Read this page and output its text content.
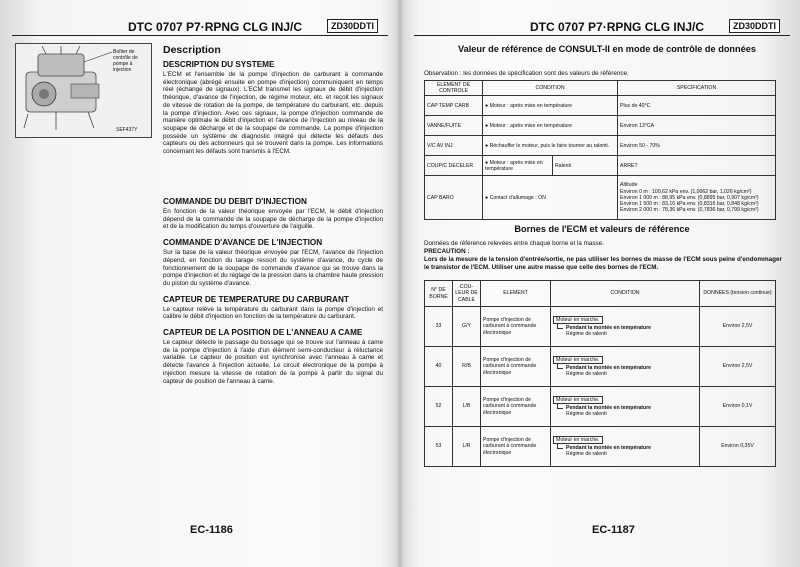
DTC 0707 P7·RPNG CLG INJ/C	ZD30DDTI
Boîtier de contrôle de pompe à injection
SEF437Y
Description
DESCRIPTION DU SYSTEME
L'ECM et l'ensemble de la pompe d'injection de carburant à commande électronique (abrégé ensuite en pompe d'injection) communiquent en temps réel (échange de signaux). L'ECM transmet les signaux de débit d'injection théorique, d'avance de l'injection, de régime moteur, etc. et reçoit les signaux de vitesse de rotation de la pompe, de température du carburant, etc. depuis la pompe d'injection. Avec ces signaux, la pompe d'injection commande de manière optimale le débit d'injection et l'avance de l'injection au niveau de la soupape de décharge et de la soupape de commande. La pompe d'injection possède un système de diagnostic intégré qui détecte les défauts des capteurs ou des actionneurs qui se trouvent dans la pompe. Les informations concernant les défauts sont transmis à l'ECM.
COMMANDE DU DEBIT D'INJECTION
En fonction de la valeur théorique envoyée par l'ECM, le débit d'injection dépend de la commande de la soupape de décharge de la pompe d'injection et de la modification du temps d'ouverture de l'aiguille.
COMMANDE D'AVANCE DE L'INJECTION
Sur la base de la valeur théorique envoyée par l'ECM, l'avance de l'injection dépend, en fonction du tarage ressort du système d'avance, du cycle de fonctionnement de la soupape de commande d'avance qui se trouve dans la pompe d'injection et du réglage de la pression dans la chambre haute pression du piston du système d'avance.
CAPTEUR DE TEMPERATURE DU CARBURANT
Le capteur relève la température du carburant dans la pompe d'injection et calibre le débit d'injection en fonction de la température du carburant.
CAPTEUR DE LA POSITION DE L'ANNEAU A CAME
Le capteur détecte le passage du bossage qui se trouve sur l'anneau à came de la pompe d'injection à l'aide d'un élément semi-conducteur à réluctance variable. Le capteur de position est synchronisé avec l'anneau à came et détecte l'avance à l'injection actuelle. Le circuit électronique de la pompe à injection mesure la vitesse de rotation de la pompe à partir du signal du capteur de position de l'anneau à came.
EC-1186
DTC 0707 P7·RPNG CLG INJ/C	ZD30DDTI
EC-1187
Valeur de référence de CONSULT-II en mode de contrôle de données
Observation : les données de spécification sont des valeurs de référence.
ELEMENT DE CONTROLE	CONDITION		SPECIFICATION
CAP TEMP CARB	● Moteur : après mise en température		Plus de 40°C
VANNE/FUITE	● Moteur : après mise en température		Environ 13°CA
V/C AV INJ	● Réchauffer le moteur, puis le faire tourner au ralenti.		Environ 50 - 70%
COUP/C DECELER	● Moteur : après mise en température	Ralenti	ARRET
CAP BARO	● Contact d'allumage : ON		Altitude
Environ 0 m : 100,62 kPa env. (1,0062 bar, 1,026 kg/cm²)
Environ 1 000 m : 88,95 kPa env. (0,8895 bar, 0,907 kg/cm²)
Environ 1 500 m : 83,16 kPa env. (0,8316 bar, 0,848 kg/cm²)
Environ 2 000 m : 78,36 kPa env. (0,7836 bar, 0,799 kg/cm²)
Bornes de l'ECM et valeurs de référence
Données de référence relevées entre chaque borne et la masse.
PRECAUTION :
Lors de la mesure de la tension d'entrée/sortie, ne pas utiliser les bornes de masse de l'ECM sous peine d'endommager le transistor de l'ECM. Utiliser une autre masse que celle des bornes de l'ECM.
N° DE BORNE	COU-LEUR DE CABLE	ELEMENT	CONDITION	DONNEES (tension continue)
33	G/Y	Pompe d'injection de carburant à commande électronique	Moteur en marche.
Pendant la montée en température
Régime de ralenti	Environ 2,5V
40	R/B	Pompe d'injection de carburant à commande électronique	Moteur en marche.
Pendant la montée en température
Régime de ralenti	Environ 2,5V
52	L/B	Pompe d'injection de carburant à commande électronique	Moteur en marche.
Pendant la montée en température
Régime de ralenti	Environ 0,1V
53	L/R	Pompe d'injection de carburant à commande électronique	Moteur en marche.
Pendant la montée en température
Régime de ralenti	Environ 0,35V
